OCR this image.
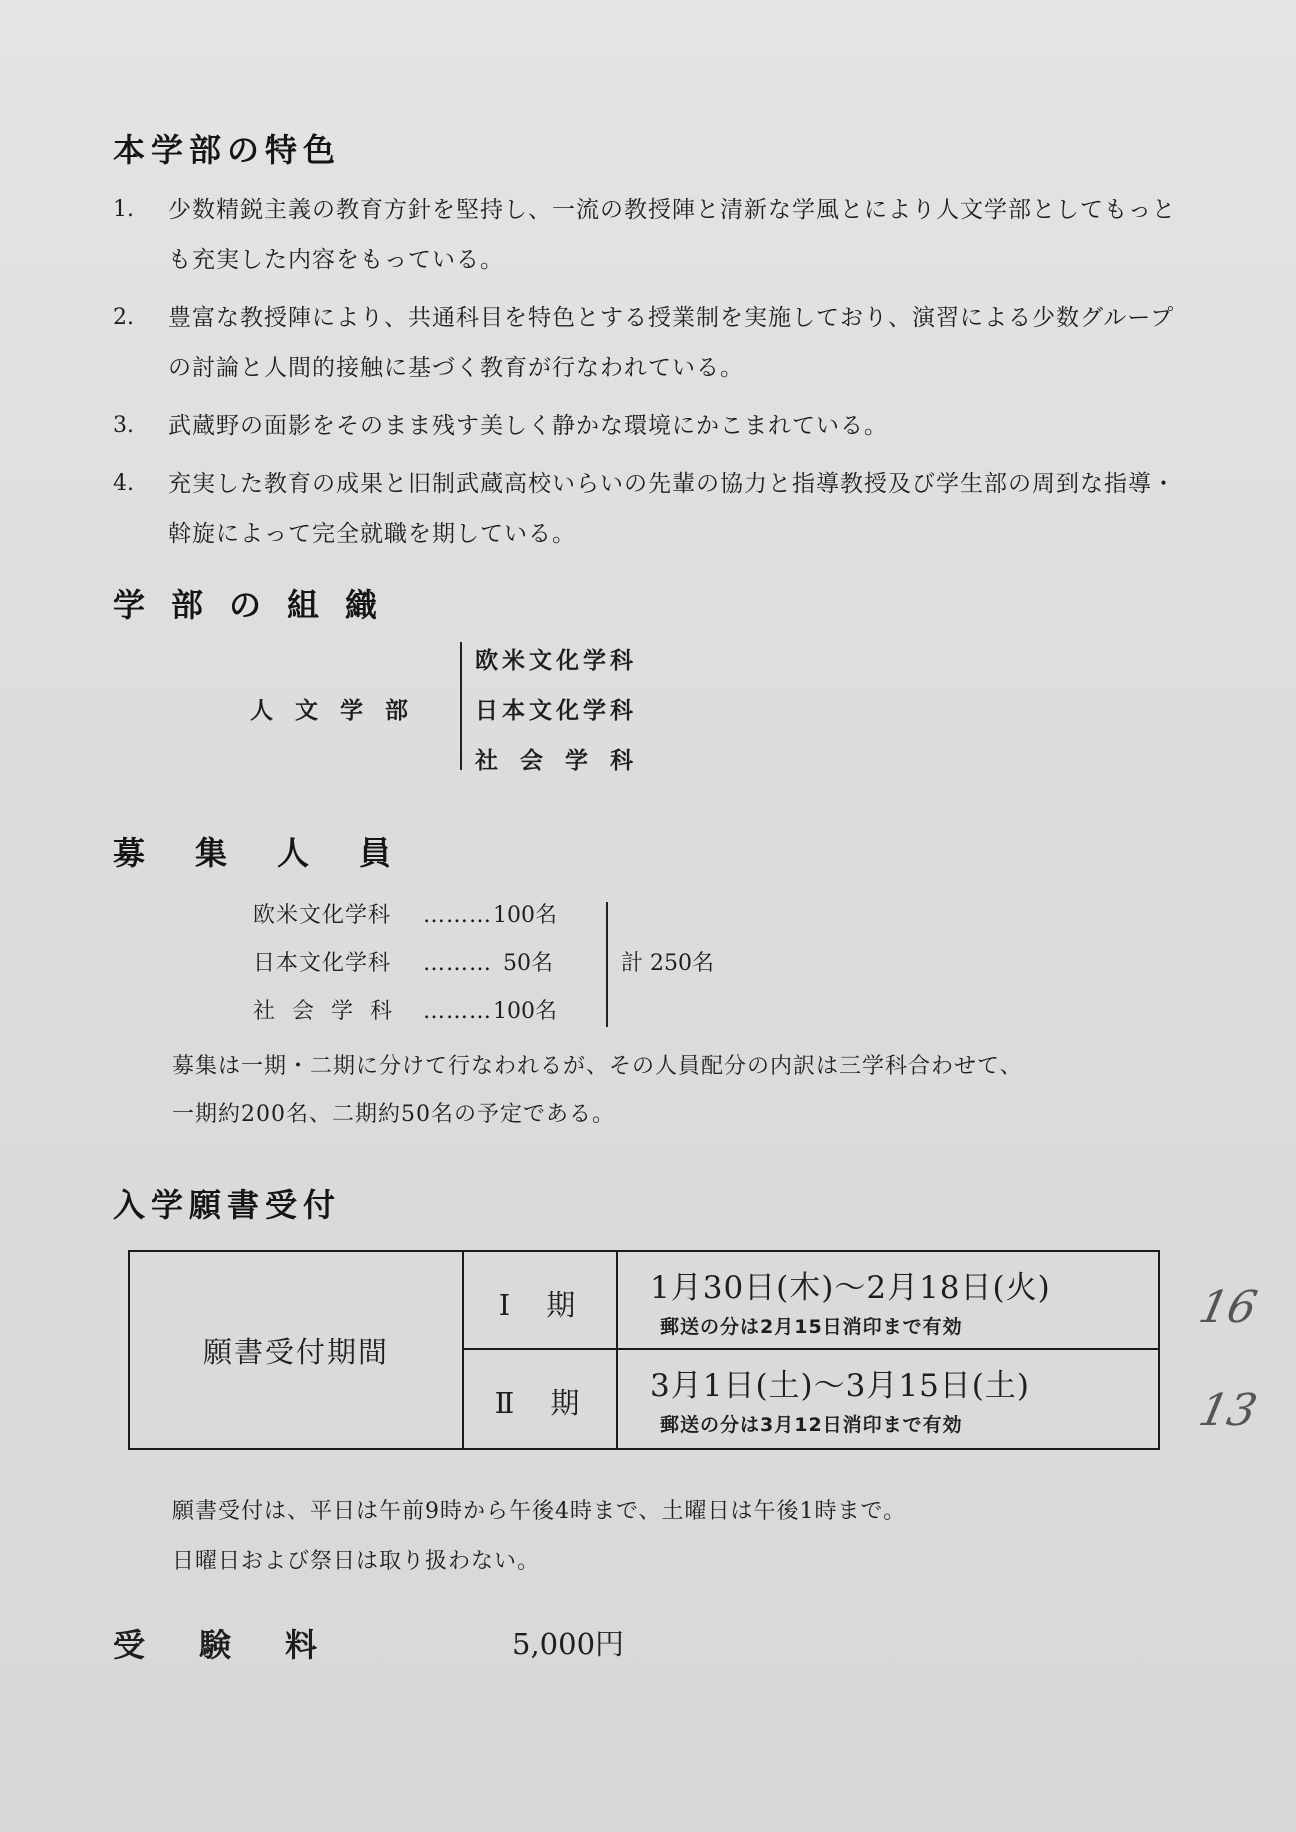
本学部の特色
1. 少数精鋭主義の教育方針を堅持し、一流の教授陣と清新な学風とにより人文学部としてもっとも充実した内容をもっている。
2. 豊富な教授陣により、共通科目を特色とする授業制を実施しており、演習による少数グループの討論と人間的接触に基づく教育が行なわれている。
3. 武蔵野の面影をそのまま残す美しく静かな環境にかこまれている。
4. 充実した教育の成果と旧制武蔵高校いらいの先輩の協力と指導教授及び学生部の周到な指導・斡旋によって完全就職を期している。
学部の組織
人文学部
欧米文化学科
日本文化学科
社会学科
募集人員
欧米文化学科 ………100名
日本文化学科 ……… 50名
社会学科 ………100名
計 250名
募集は一期・二期に分けて行なわれるが、その人員配分の内訳は三学科合わせて、
一期約200名、二期約50名の予定である。
入学願書受付
願書受付期間
Ⅰ期 1月30日(木)～2月18日(火)
郵送の分は2月15日消印まで有効
Ⅱ期 3月1日(土)～3月15日(土)
郵送の分は3月12日消印まで有効
16
13
願書受付は、平日は午前9時から午後4時まで、土曜日は午後1時まで。
日曜日および祭日は取り扱わない。
受験料	5,000円
